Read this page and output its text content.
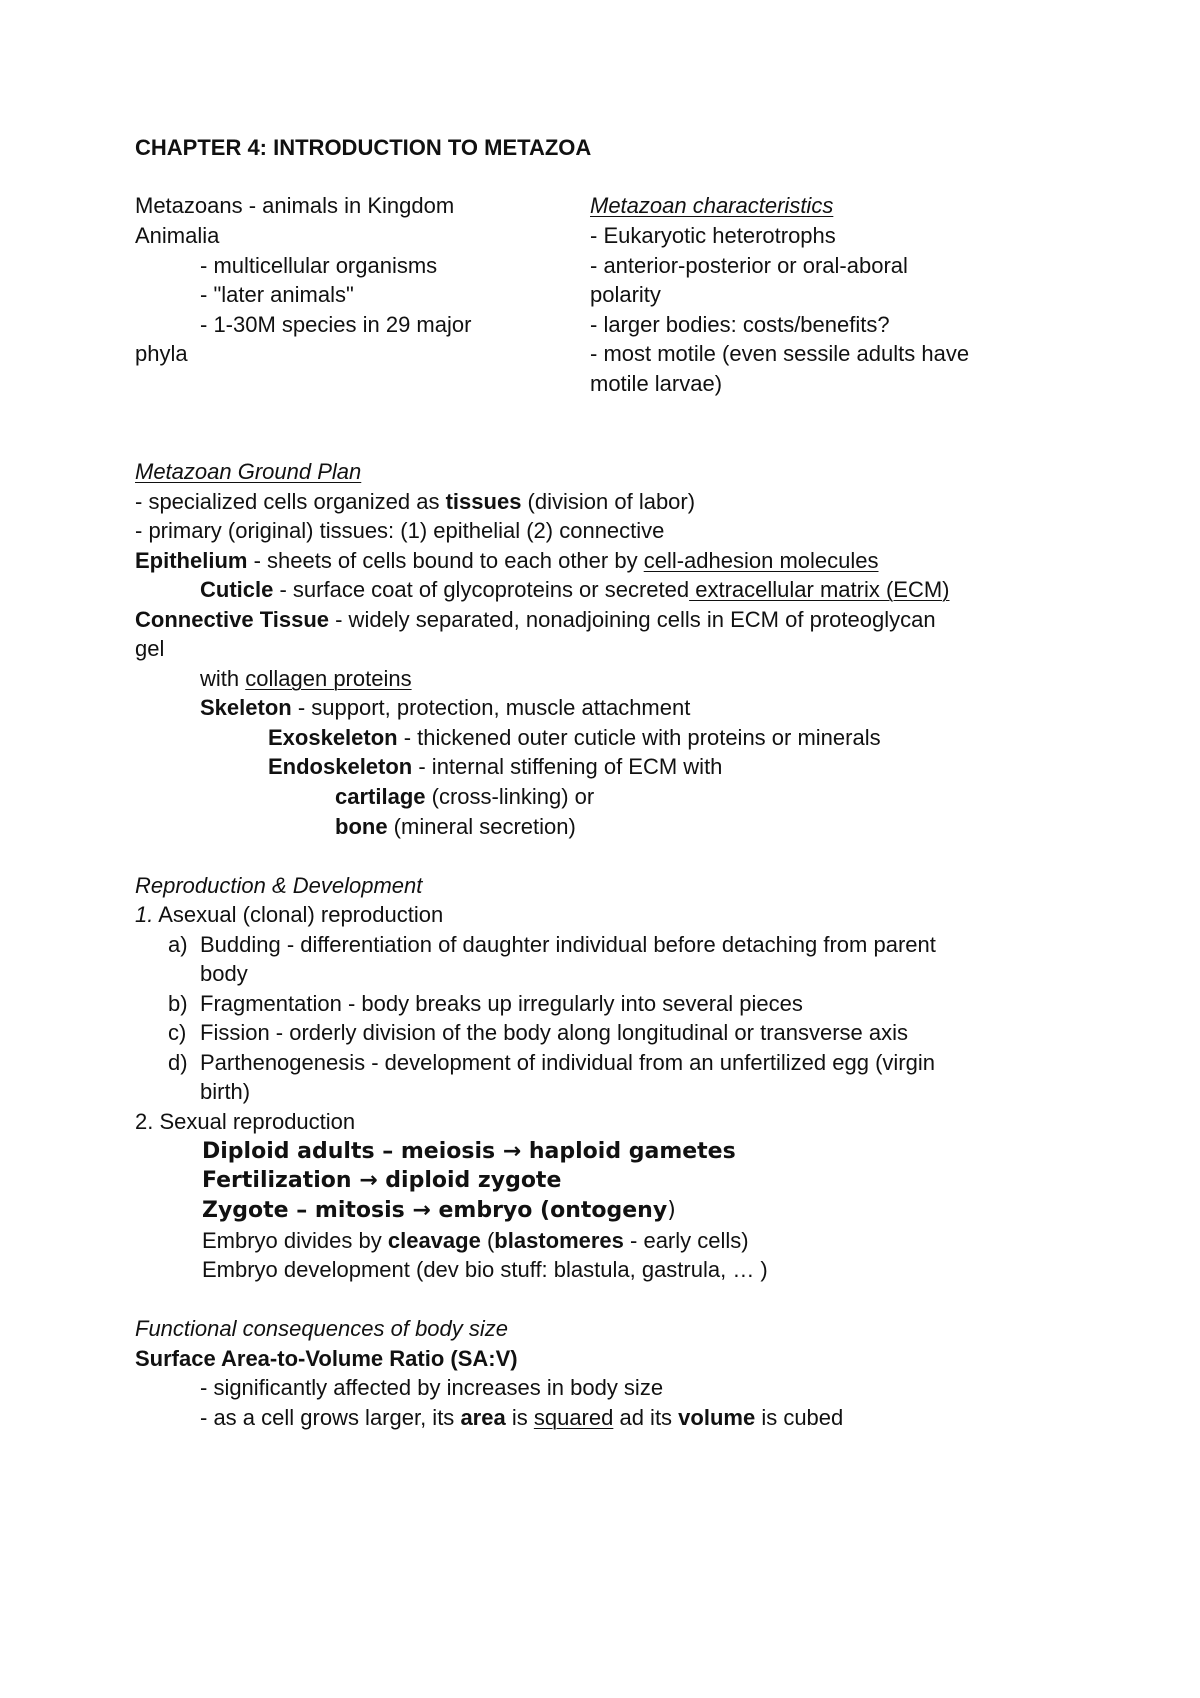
CHAPTER 4: INTRODUCTION TO METAZOA
Metazoans - animals in Kingdom
Animalia
- multicellular organisms
- "later animals"
- 1-30M species in 29 major
phyla
Metazoan characteristics
- Eukaryotic heterotrophs
- anterior-posterior or oral-aboral
polarity
- larger bodies: costs/benefits?
- most motile (even sessile adults have
motile larvae)
Metazoan Ground Plan
- specialized cells organized as tissues (division of labor)
- primary (original) tissues: (1) epithelial (2) connective
Epithelium - sheets of cells bound to each other by cell-adhesion molecules
Cuticle - surface coat of glycoproteins or secreted extracellular matrix (ECM)
Connective Tissue - widely separated, nonadjoining cells in ECM of proteoglycan
gel
with collagen proteins
Skeleton - support, protection, muscle attachment
Exoskeleton - thickened outer cuticle with proteins or minerals
Endoskeleton - internal stiffening of ECM with
cartilage (cross-linking) or
bone (mineral secretion)
Reproduction & Development
1. Asexual (clonal) reproduction
a) Budding - differentiation of daughter individual before detaching from parent
body
b) Fragmentation - body breaks up irregularly into several pieces
c) Fission - orderly division of the body along longitudinal or transverse axis
d) Parthenogenesis - development of individual from an unfertilized egg (virgin
birth)
2. Sexual reproduction
Diploid adults – meiosis → haploid gametes
Fertilization → diploid zygote
Zygote – mitosis → embryo (ontogeny)
Embryo divides by cleavage (blastomeres - early cells)
Embryo development (dev bio stuff: blastula, gastrula, … )
Functional consequences of body size
Surface Area-to-Volume Ratio (SA:V)
- significantly affected by increases in body size
- as a cell grows larger, its area is squared ad its volume is cubed
